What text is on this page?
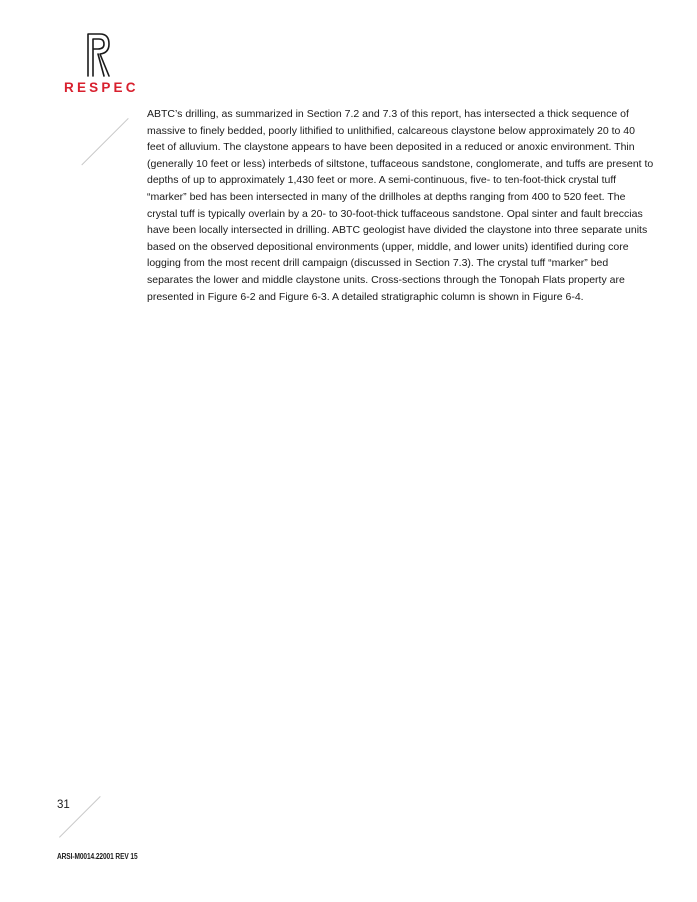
RESPEC

ABTC’s drilling, as summarized in Section 7.2 and 7.3 of this report, has intersected a thick sequence of massive to finely bedded, poorly lithified to unlithified, calcareous claystone below approximately 20 to 40 feet of alluvium. The claystone appears to have been deposited in a reduced or anoxic environment. Thin (generally 10 feet or less) interbeds of siltstone, tuffaceous sandstone, conglomerate, and tuffs are present to depths of up to approximately 1,430 feet or more. A semi-continuous, five- to ten-foot-thick crystal tuff “marker” bed has been intersected in many of the drillholes at depths ranging from 400 to 520 feet. The crystal tuff is typically overlain by a 20- to 30-foot-thick tuffaceous sandstone. Opal sinter and fault breccias have been locally intersected in drilling. ABTC geologist have divided the claystone into three separate units based on the observed depositional environments (upper, middle, and lower units) identified during core logging from the most recent drill campaign (discussed in Section 7.3). The crystal tuff “marker” bed separates the lower and middle claystone units. Cross-sections through the Tonopah Flats property are presented in Figure 6-2 and Figure 6-3. A detailed stratigraphic column is shown in Figure 6-4.

31
ARSI-M0014.22001 REV 15
